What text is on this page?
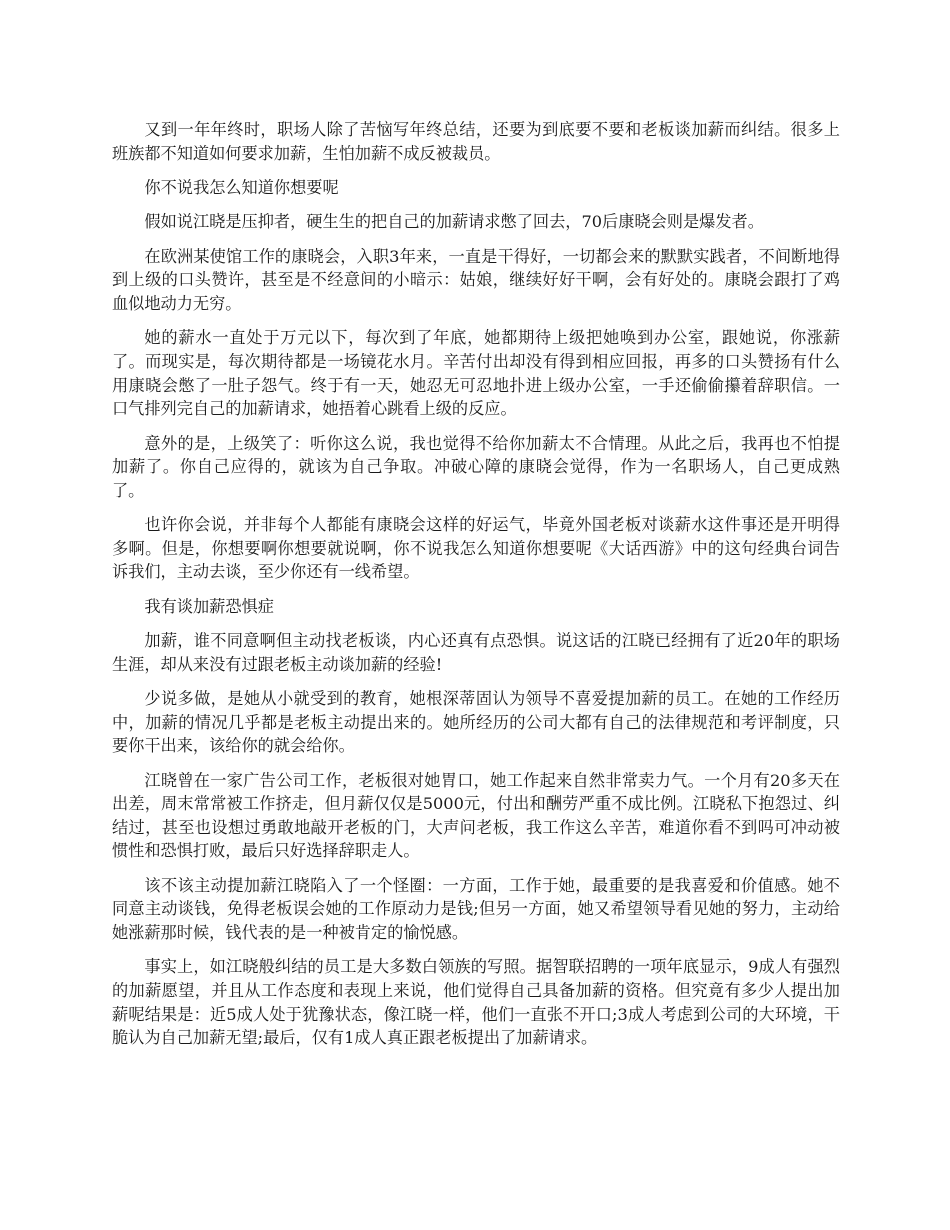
又到一年年终时，职场人除了苦恼写年终总结，还要为到底要不要和老板谈加薪而纠结。很多上班族都不知道如何要求加薪，生怕加薪不成反被裁员。

你不说我怎么知道你想要呢

假如说江晓是压抑者，硬生生的把自己的加薪请求憋了回去，70后康晓会则是爆发者。

在欧洲某使馆工作的康晓会，入职3年来，一直是干得好，一切都会来的默默实践者，不间断地得到上级的口头赞许，甚至是不经意间的小暗示：姑娘，继续好好干啊，会有好处的。康晓会跟打了鸡血似地动力无穷。

她的薪水一直处于万元以下，每次到了年底，她都期待上级把她唤到办公室，跟她说，你涨薪了。而现实是，每次期待都是一场镜花水月。辛苦付出却没有得到相应回报，再多的口头赞扬有什么用康晓会憋了一肚子怨气。终于有一天，她忍无可忍地扑进上级办公室，一手还偷偷攥着辞职信。一口气排列完自己的加薪请求，她捂着心跳看上级的反应。

意外的是，上级笑了：听你这么说，我也觉得不给你加薪太不合情理。从此之后，我再也不怕提加薪了。你自己应得的，就该为自己争取。冲破心障的康晓会觉得，作为一名职场人，自己更成熟了。

也许你会说，并非每个人都能有康晓会这样的好运气，毕竟外国老板对谈薪水这件事还是开明得多啊。但是，你想要啊你想要就说啊，你不说我怎么知道你想要呢《大话西游》中的这句经典台词告诉我们，主动去谈，至少你还有一线希望。

我有谈加薪恐惧症

加薪，谁不同意啊但主动找老板谈，内心还真有点恐惧。说这话的江晓已经拥有了近20年的职场生涯，却从来没有过跟老板主动谈加薪的经验!

少说多做，是她从小就受到的教育，她根深蒂固认为领导不喜爱提加薪的员工。在她的工作经历中，加薪的情况几乎都是老板主动提出来的。她所经历的公司大都有自己的法律规范和考评制度，只要你干出来，该给你的就会给你。

江晓曾在一家广告公司工作，老板很对她胃口，她工作起来自然非常卖力气。一个月有20多天在出差，周末常常被工作挤走，但月薪仅仅是5000元，付出和酬劳严重不成比例。江晓私下抱怨过、纠结过，甚至也设想过勇敢地敲开老板的门，大声问老板，我工作这么辛苦，难道你看不到吗可冲动被惯性和恐惧打败，最后只好选择辞职走人。

该不该主动提加薪江晓陷入了一个怪圈：一方面，工作于她，最重要的是我喜爱和价值感。她不同意主动谈钱，免得老板误会她的工作原动力是钱;但另一方面，她又希望领导看见她的努力，主动给她涨薪那时候，钱代表的是一种被肯定的愉悦感。

事实上，如江晓般纠结的员工是大多数白领族的写照。据智联招聘的一项年底显示，9成人有强烈的加薪愿望，并且从工作态度和表现上来说，他们觉得自己具备加薪的资格。但究竟有多少人提出加薪呢结果是：近5成人处于犹豫状态，像江晓一样，他们一直张不开口;3成人考虑到公司的大环境，干脆认为自己加薪无望;最后，仅有1成人真正跟老板提出了加薪请求。
